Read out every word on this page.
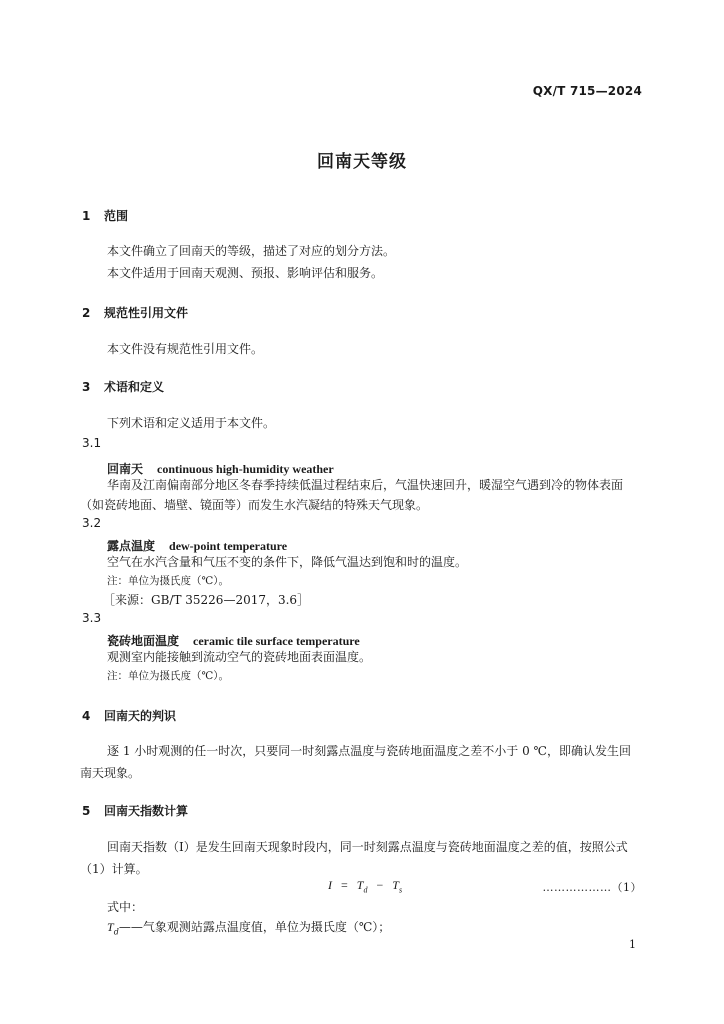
QX/T 715—2024
回南天等级
1 范围
本文件确立了回南天的等级，描述了对应的划分方法。
本文件适用于回南天观测、预报、影响评估和服务。
2 规范性引用文件
本文件没有规范性引用文件。
3 术语和定义
下列术语和定义适用于本文件。
3.1
回南天 continuous high-humidity weather
华南及江南偏南部分地区冬春季持续低温过程结束后，气温快速回升，暖湿空气遇到冷的物体表面
（如瓷砖地面、墙壁、镜面等）而发生水汽凝结的特殊天气现象。
3.2
露点温度 dew-point temperature
空气在水汽含量和气压不变的条件下，降低气温达到饱和时的温度。
注：单位为摄氏度（℃）。
［来源：GB/T 35226—2017，3.6］
3.3
瓷砖地面温度 ceramic tile surface temperature
观测室内能接触到流动空气的瓷砖地面表面温度。
注：单位为摄氏度（℃）。
4 回南天的判识
逐 1 小时观测的任一时次，只要同一时刻露点温度与瓷砖地面温度之差不小于 0 ℃，即确认发生回
南天现象。
5 回南天指数计算
回南天指数（I）是发生回南天现象时段内，同一时刻露点温度与瓷砖地面温度之差的值，按照公式
（1）计算。
$I = T_d - T_s$	………………（1）
式中：
$T_d——$气象观测站露点温度值，单位为摄氏度（℃）；
1
